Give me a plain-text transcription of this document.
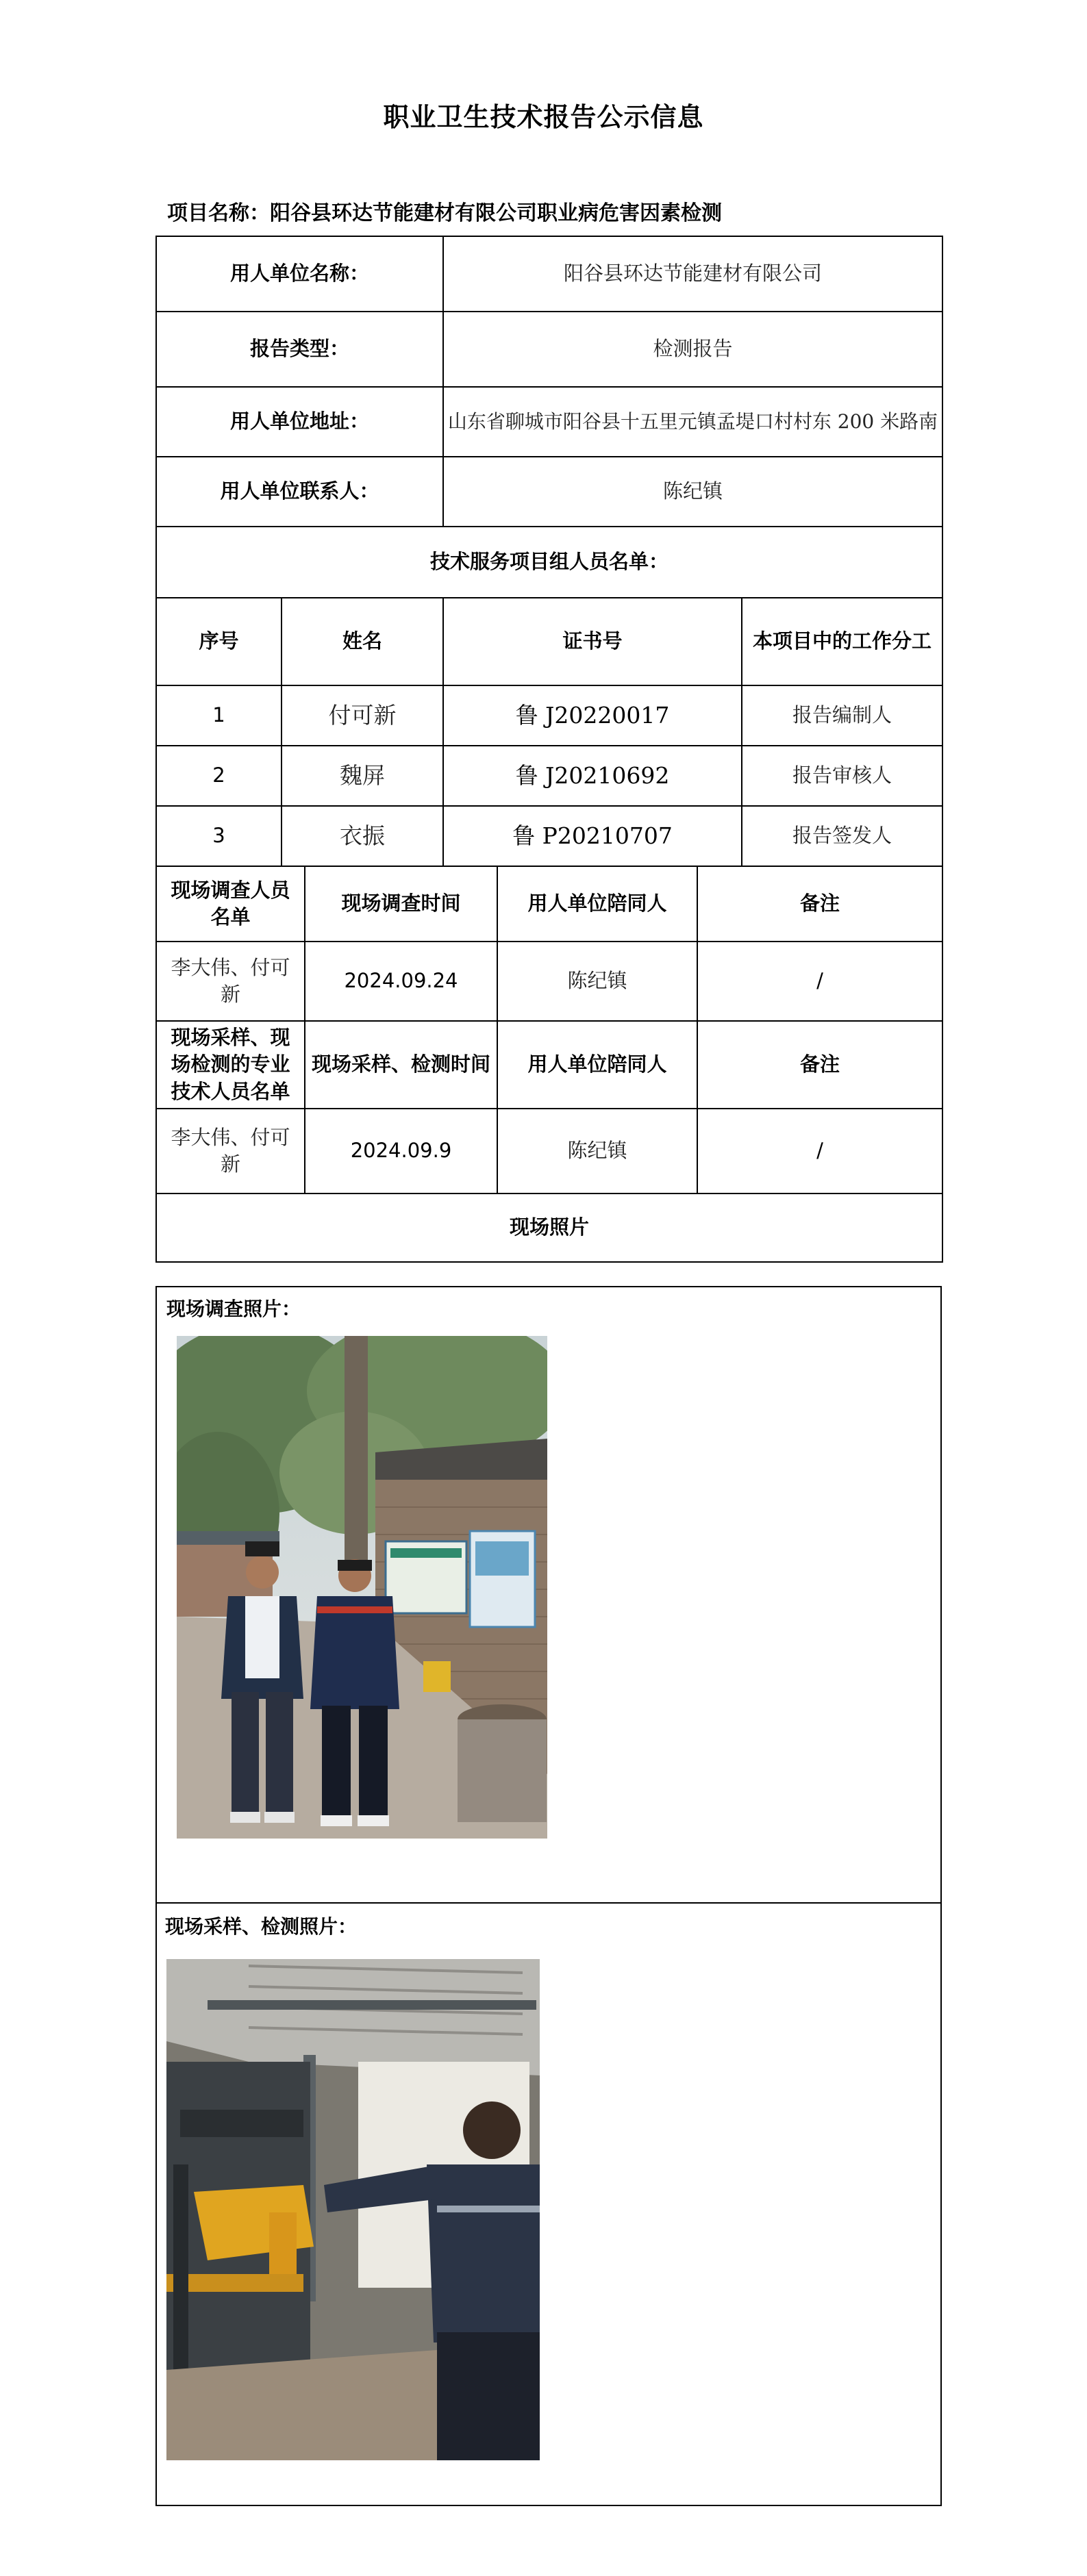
职业卫生技术报告公示信息
项目名称：阳谷县环达节能建材有限公司职业病危害因素检测
用人单位名称：			阳谷县环达节能建材有限公司			
报告类型：			检测报告			
用人单位地址：			山东省聊城市阳谷县十五里元镇孟堤口村村东 200 米路南			
用人单位联系人：			陈纪镇			
技术服务项目组人员名单：						
序号	姓名		证书号			本项目中的工作分工
1	付可新		鲁 J20220017			报告编制人
2	魏屏		鲁 J20210692			报告审核人
3	衣振		鲁 P20210707			报告签发人
现场调查人员名单		现场调查时间		用人单位陪同人	备注	
李大伟、付可新		2024.09.24		陈纪镇	/	
现场采样、现场检测的专业技术人员名单		现场采样、检测时间		用人单位陪同人	备注	
李大伟、付可新		2024.09.9		陈纪镇	/	
现场照片						
现场调查照片：
现场采样、检测照片：
